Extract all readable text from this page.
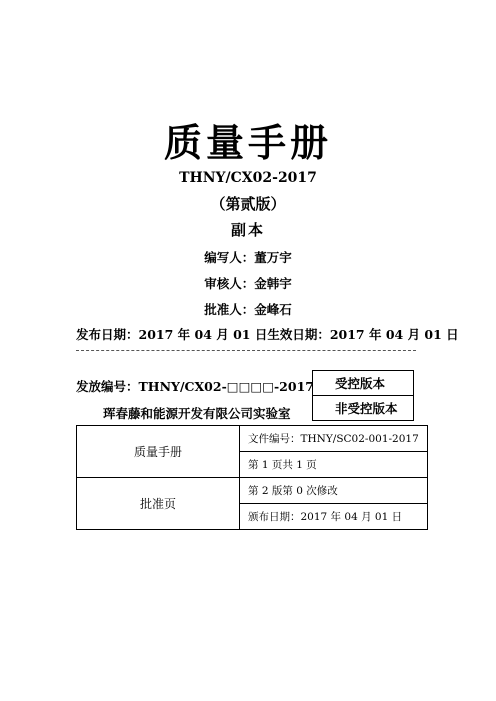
质量手册
THNY/CX02-2017
（第贰版）
副本
编写人：董万宇
审核人：金韩宇
批准人：金峰石
发布日期：2017 年 04 月 01 日生效日期：2017 年 04 月 01 日
发放编号：THNY/CX02-□□□□-2017
珲春藤和能源开发有限公司实验室
受控版本
非受控版本
质量手册	文件编号：THNY/SC02-001-2017
	第 1 页共 1 页
批准页	第 2 版第 0 次修改
	颁布日期：2017 年 04 月 01 日
